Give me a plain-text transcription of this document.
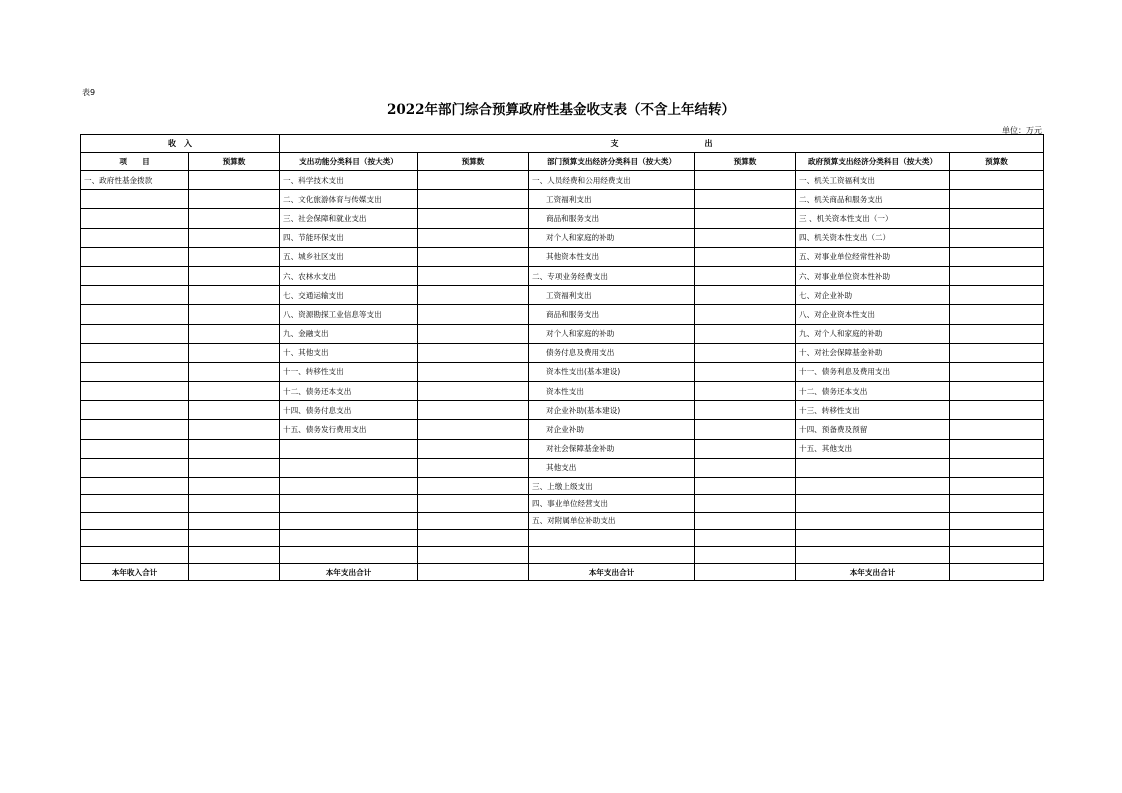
表9
2022年部门综合预算政府性基金收支表（不含上年结转）
单位：万元
收　入		支 出					
项　　目	预算数	支出功能分类科目（按大类）	预算数	部门预算支出经济分类科目（按大类）	预算数	政府预算支出经济分类科目（按大类）	预算数
一、政府性基金拨款		一、科学技术支出		一、人员经费和公用经费支出		一、机关工资福利支出	
		二、文化旅游体育与传媒支出		工资福利支出		二、机关商品和服务支出	
		三、社会保障和就业支出		商品和服务支出		三 、机关资本性支出（一）	
		四、节能环保支出		对个人和家庭的补助		四、机关资本性支出（二）	
		五、城乡社区支出		其他资本性支出		五、对事业单位经常性补助	
		六、农林水支出		二、专项业务经费支出		六、对事业单位资本性补助	
		七、交通运输支出		工资福利支出		七、对企业补助	
		八、资源勘探工业信息等支出		商品和服务支出		八、对企业资本性支出	
		九、金融支出		对个人和家庭的补助		九、对个人和家庭的补助	
		十、其他支出		债务付息及费用支出		十、对社会保障基金补助	
		十一、转移性支出		资本性支出(基本建设)		十一、债务利息及费用支出	
		十二、债务还本支出		资本性支出		十二、债务还本支出	
		十四、债务付息支出		对企业补助(基本建设)		十三、转移性支出	
		十五、债务发行费用支出		对企业补助		十四、预备费及预留	
				对社会保障基金补助		十五、其他支出	
				其他支出			
				三、上缴上级支出			
				四、事业单位经营支出			
				五、对附属单位补助支出			

本年收入合计		本年支出合计		本年支出合计		本年支出合计	
